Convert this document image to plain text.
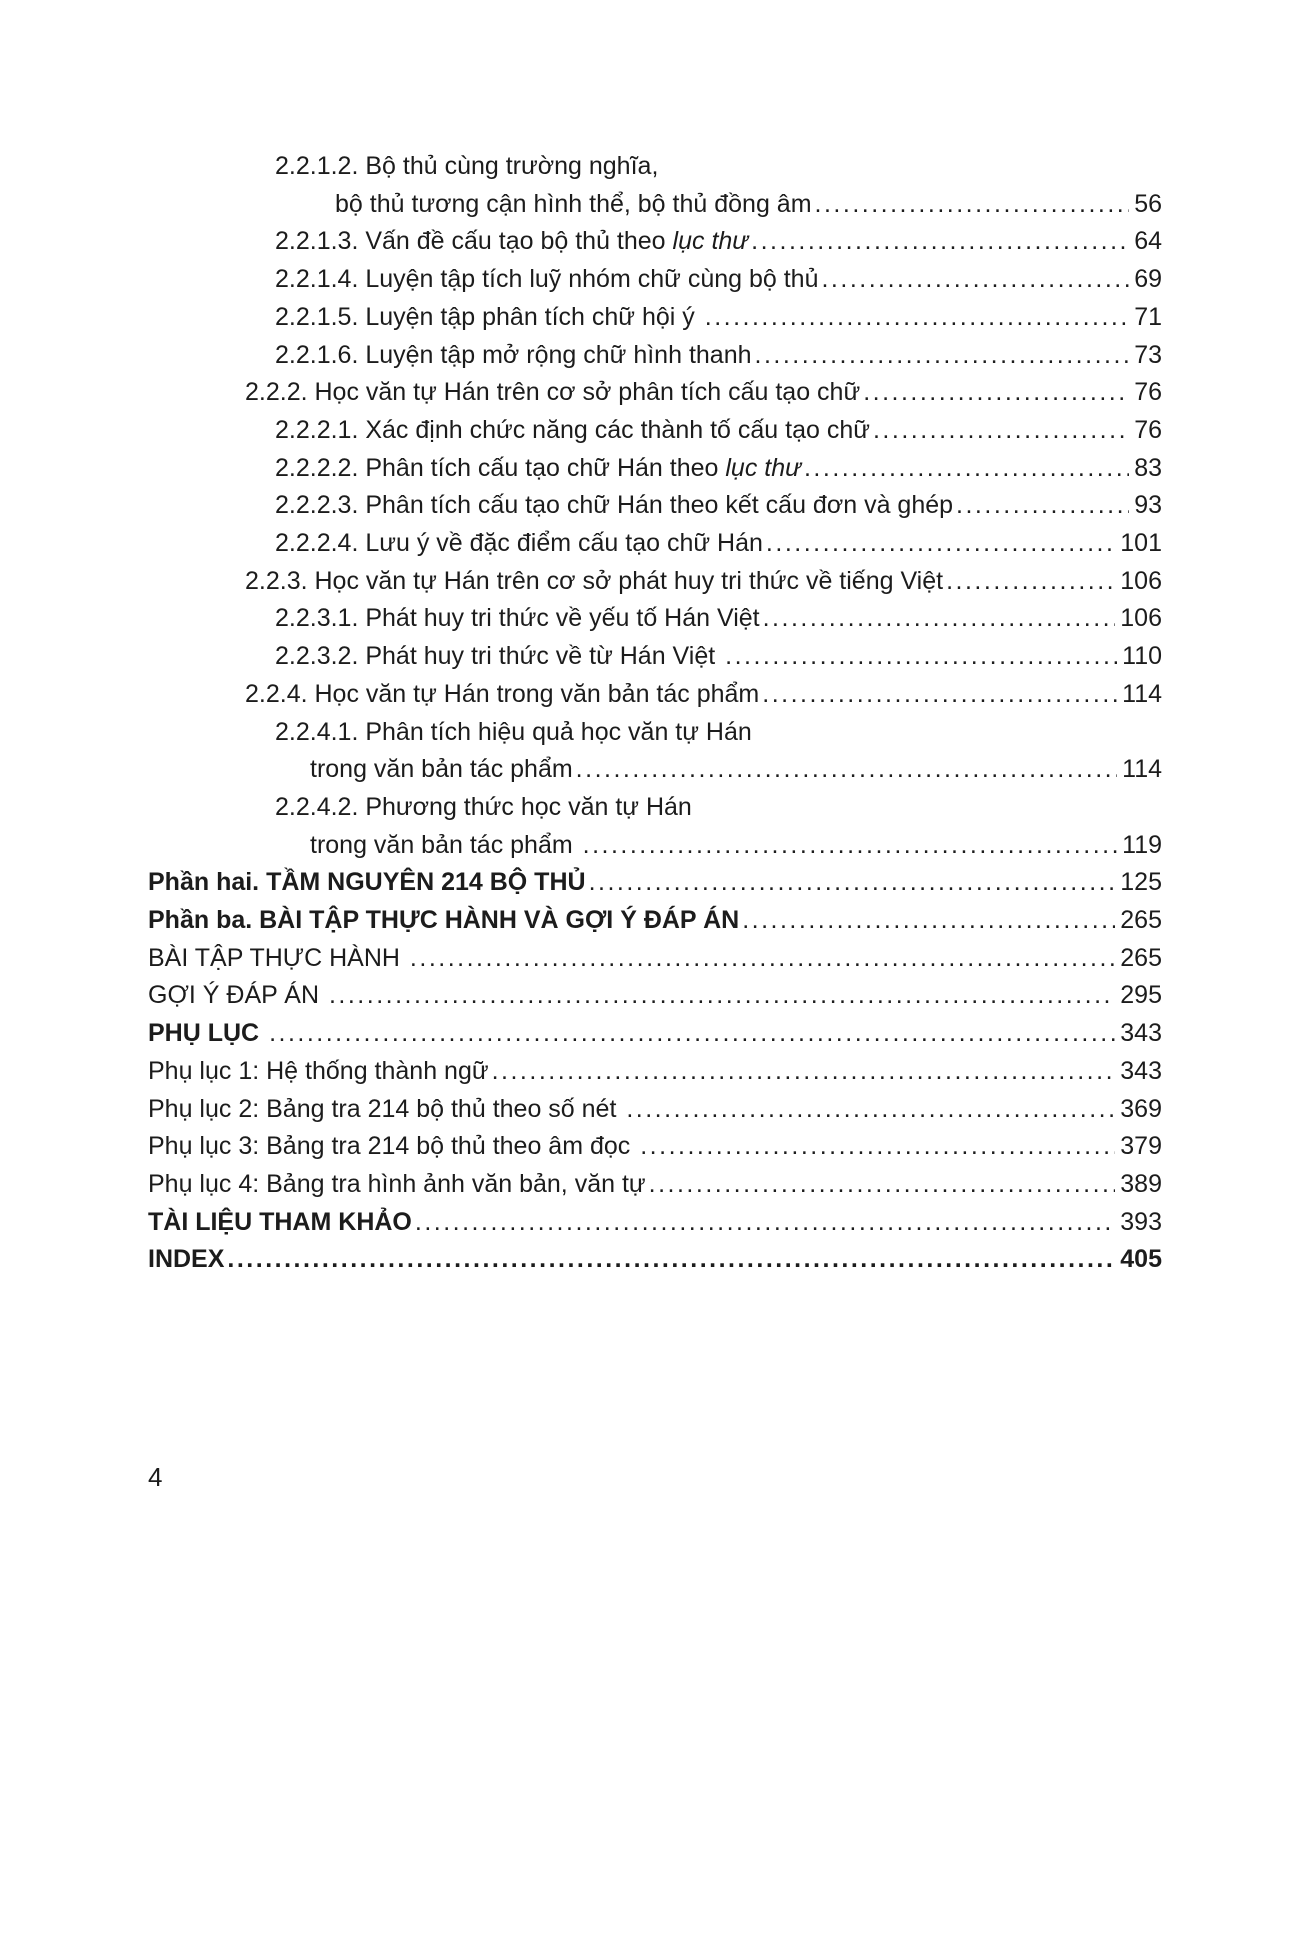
2.2.1.2. Bộ thủ cùng trường nghĩa,
bộ thủ tương cận hình thể, bộ thủ đồng âm .....	56
2.2.1.3. Vấn đề cấu tạo bộ thủ theo lục thư .....	64
2.2.1.4. Luyện tập tích luỹ nhóm chữ cùng bộ thủ .....	69
2.2.1.5. Luyện tập phân tích chữ hội ý .....	71
2.2.1.6. Luyện tập mở rộng chữ hình thanh .....	73
2.2.2. Học văn tự Hán trên cơ sở phân tích cấu tạo chữ .....	76
2.2.2.1. Xác định chức năng các thành tố cấu tạo chữ .....	76
2.2.2.2. Phân tích cấu tạo chữ Hán theo lục thư .....	83
2.2.2.3. Phân tích cấu tạo chữ Hán theo kết cấu đơn và ghép .....	93
2.2.2.4. Lưu ý về đặc điểm cấu tạo chữ Hán .....	101
2.2.3. Học văn tự Hán trên cơ sở phát huy tri thức về tiếng Việt .....	106
2.2.3.1. Phát huy tri thức về yếu tố Hán Việt .....	106
2.2.3.2. Phát huy tri thức về từ Hán Việt .....	110
2.2.4. Học văn tự Hán trong văn bản tác phẩm .....	114
2.2.4.1. Phân tích hiệu quả học văn tự Hán
trong văn bản tác phẩm .....	114
2.2.4.2. Phương thức học văn tự Hán
trong văn bản tác phẩm .....	119
Phần hai. TẦM NGUYÊN 214 BỘ THỦ .....	125
Phần ba. BÀI TẬP THỰC HÀNH VÀ GỢI Ý ĐÁP ÁN .....	265
BÀI TẬP THỰC HÀNH .....	265
GỢI Ý ĐÁP ÁN .....	295
PHỤ LỤC .....	343
Phụ lục 1: Hệ thống thành ngữ .....	343
Phụ lục 2: Bảng tra 214 bộ thủ theo số nét .....	369
Phụ lục 3: Bảng tra 214 bộ thủ theo âm đọc .....	379
Phụ lục 4: Bảng tra hình ảnh văn bản, văn tự .....	389
TÀI LIỆU THAM KHẢO .....	393
INDEX .....	405
4
